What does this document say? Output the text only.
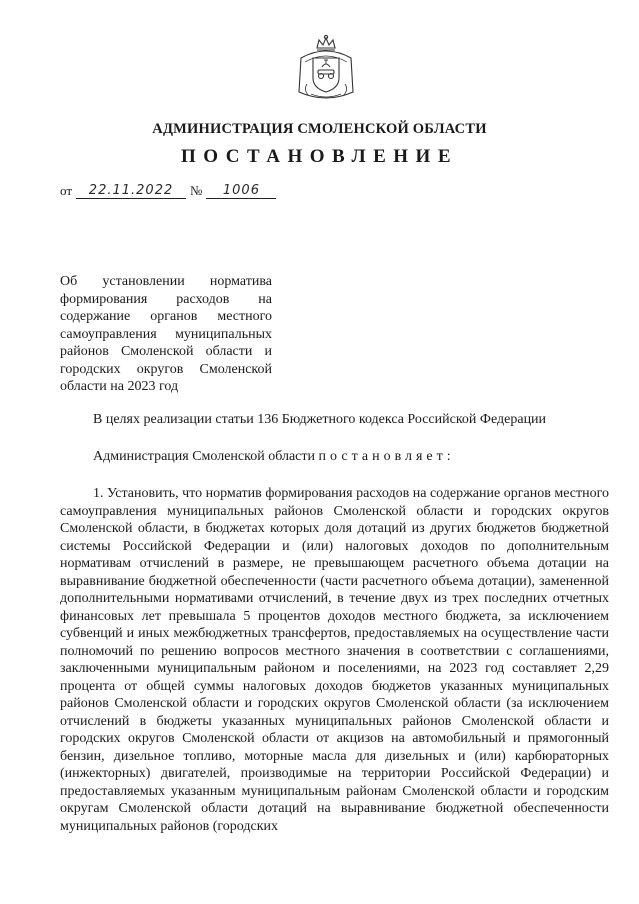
АДМИНИСТРАЦИЯ СМОЛЕНСКОЙ ОБЛАСТИ
ПОСТАНОВЛЕНИЕ
от	22.11.2022	№	1006

Об установлении норматива формирования расходов на содержание органов местного самоуправления муниципальных районов Смоленской области и городских округов Смоленской области на 2023 год

В целях реализации статьи 136 Бюджетного кодекса Российской Федерации
Администрация Смоленской области постановляет:

1. Установить, что норматив формирования расходов на содержание органов местного самоуправления муниципальных районов Смоленской области и городских округов Смоленской области, в бюджетах которых доля дотаций из других бюджетов бюджетной системы Российской Федерации и (или) налоговых доходов по дополнительным нормативам отчислений в размере, не превышающем расчетного объема дотации на выравнивание бюджетной обеспеченности (части расчетного объема дотации), замененной дополнительными нормативами отчислений, в течение двух из трех последних отчетных финансовых лет превышала 5 процентов доходов местного бюджета, за исключением субвенций и иных межбюджетных трансфертов, предоставляемых на осуществление части полномочий по решению вопросов местного значения в соответствии с соглашениями, заключенными муниципальным районом и поселениями, на 2023 год составляет 2,29 процента от общей суммы налоговых доходов бюджетов указанных муниципальных районов Смоленской области и городских округов Смоленской области (за исключением отчислений в бюджеты указанных муниципальных районов Смоленской области и городских округов Смоленской области от акцизов на автомобильный и прямогонный бензин, дизельное топливо, моторные масла для дизельных и (или) карбюраторных (инжекторных) двигателей, производимые на территории Российской Федерации) и предоставляемых указанным муниципальным районам Смоленской области и городским округам Смоленской области дотаций на выравнивание бюджетной обеспеченности муниципальных районов (городских
